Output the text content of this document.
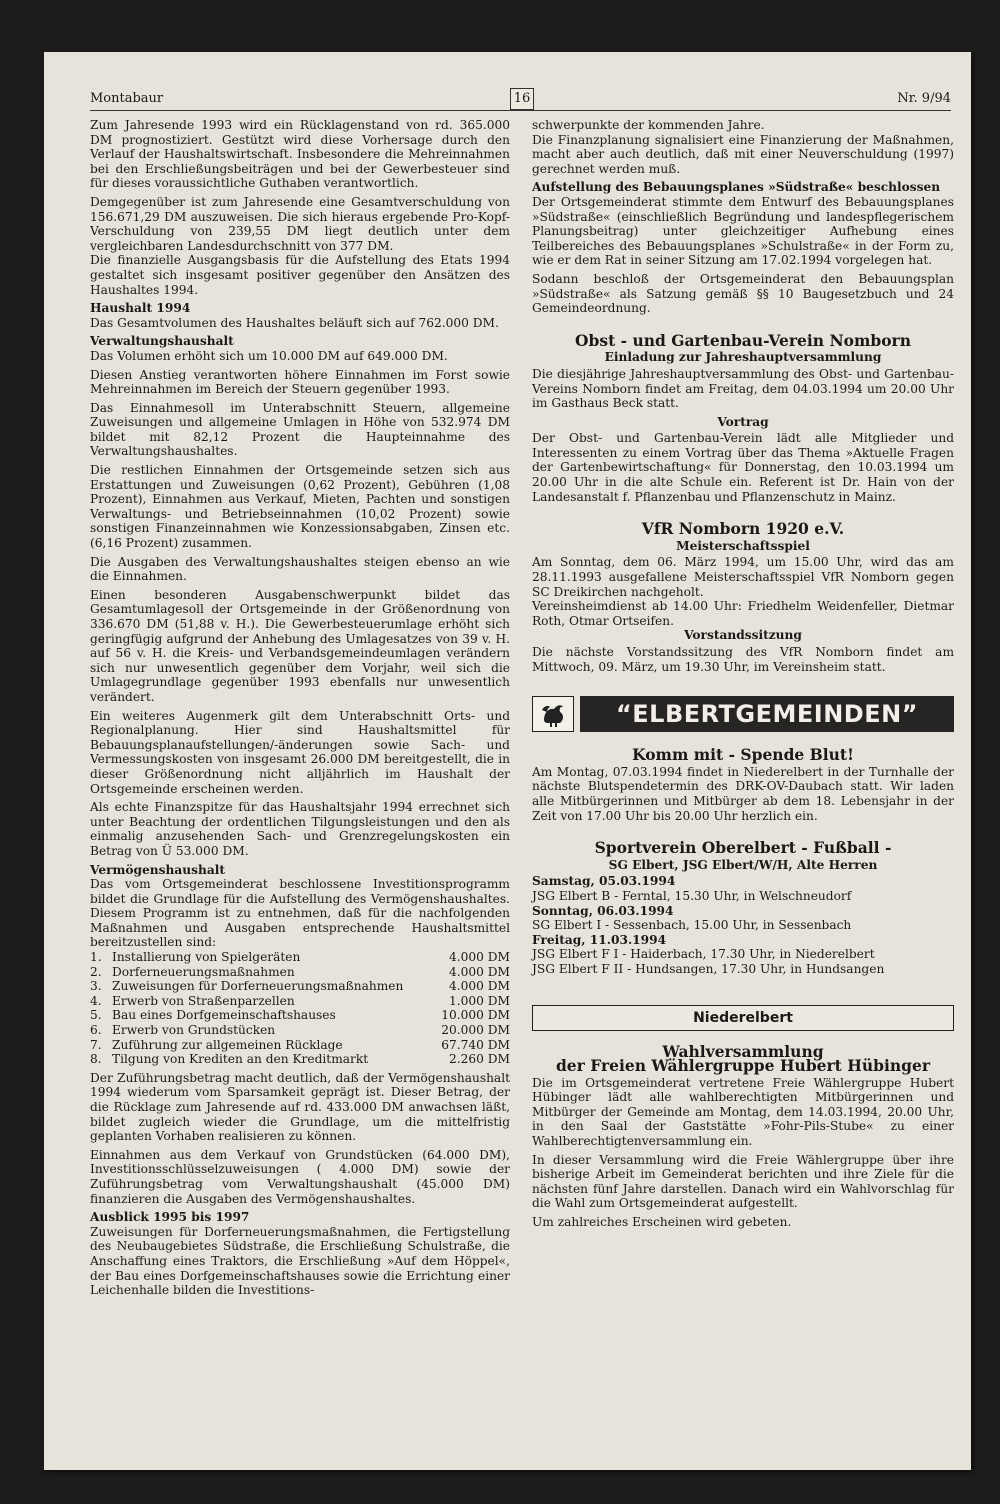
Montabaur	16	Nr. 9/94

Zum Jahresende 1993 wird ein Rücklagenstand von rd. 365.000 DM prognostiziert. Gestützt wird diese Vorhersage durch den Verlauf der Haushaltswirtschaft. Insbesondere die Mehreinnahmen bei den Erschließungsbeiträgen und bei der Gewerbesteuer sind für dieses voraussichtliche Guthaben verantwortlich.

Demgegenüber ist zum Jahresende eine Gesamtverschuldung von 156.671,29 DM auszuweisen. Die sich hieraus ergebende Pro-Kopf-Verschuldung von 239,55 DM liegt deutlich unter dem vergleichbaren Landesdurchschnitt von 377 DM.

Die finanzielle Ausgangsbasis für die Aufstellung des Etats 1994 gestaltet sich insgesamt positiver gegenüber den Ansätzen des Haushaltes 1994.

Haushalt 1994

Das Gesamtvolumen des Haushaltes beläuft sich auf 762.000 DM.

Verwaltungshaushalt

Das Volumen erhöht sich um 10.000 DM auf 649.000 DM.

Diesen Anstieg verantworten höhere Einnahmen im Forst sowie Mehreinnahmen im Bereich der Steuern gegenüber 1993.

Das Einnahmesoll im Unterabschnitt Steuern, allgemeine Zuweisungen und allgemeine Umlagen in Höhe von 532.974 DM bildet mit 82,12 Prozent die Haupteinnahme des Verwaltungshaushaltes.

Die restlichen Einnahmen der Ortsgemeinde setzen sich aus Erstattungen und Zuweisungen (0,62 Prozent), Gebühren (1,08 Prozent), Einnahmen aus Verkauf, Mieten, Pachten und sonstigen Verwaltungs- und Betriebseinnahmen (10,02 Prozent) sowie sonstigen Finanzeinnahmen wie Konzessionsabgaben, Zinsen etc. (6,16 Prozent) zusammen.

Die Ausgaben des Verwaltungshaushaltes steigen ebenso an wie die Einnahmen.

Einen besonderen Ausgabenschwerpunkt bildet das Gesamtumlagesoll der Ortsgemeinde in der Größenordnung von 336.670 DM (51,88 v. H.). Die Gewerbesteuerumlage erhöht sich geringfügig aufgrund der Anhebung des Umlagesatzes von 39 v. H. auf 56 v. H. die Kreis- und Verbandsgemeindeumlagen verändern sich nur unwesentlich gegenüber dem Vorjahr, weil sich die Umlagegrundlage gegenüber 1993 ebenfalls nur unwesentlich verändert.

Ein weiteres Augenmerk gilt dem Unterabschnitt Orts- und Regionalplanung. Hier sind Haushaltsmittel für Bebauungsplanaufstellungen/-änderungen sowie Sach- und Vermessungskosten von insgesamt 26.000 DM bereitgestellt, die in dieser Größenordnung nicht alljährlich im Haushalt der Ortsgemeinde erscheinen werden.

Als echte Finanzspitze für das Haushaltsjahr 1994 errechnet sich unter Beachtung der ordentlichen Tilgungsleistungen und den als einmalig anzusehenden Sach- und Grenzregelungskosten ein Betrag von Ü 53.000 DM.

Vermögenshaushalt

Das vom Ortsgemeinderat beschlossene Investitionsprogramm bildet die Grundlage für die Aufstellung des Vermögenshaushaltes. Diesem Programm ist zu entnehmen, daß für die nachfolgenden Maßnahmen und Ausgaben entsprechende Haushaltsmittel bereitzustellen sind:

1. Installierung von Spielgeräten	4.000 DM
2. Dorferneuerungsmaßnahmen	4.000 DM
3. Zuweisungen für Dorferneuerungsmaßnahmen	4.000 DM
4. Erwerb von Straßenparzellen	1.000 DM
5. Bau eines Dorfgemeinschaftshauses	10.000 DM
6. Erwerb von Grundstücken	20.000 DM
7. Zuführung zur allgemeinen Rücklage	67.740 DM
8. Tilgung von Krediten an den Kreditmarkt	2.260 DM

Der Zuführungsbetrag macht deutlich, daß der Vermögenshaushalt 1994 wiederum vom Sparsamkeit geprägt ist. Dieser Betrag, der die Rücklage zum Jahresende auf rd. 433.000 DM anwachsen läßt, bildet zugleich wieder die Grundlage, um die mittelfristig geplanten Vorhaben realisieren zu können.

Einnahmen aus dem Verkauf von Grundstücken (64.000 DM), Investitionsschlüsselzuweisungen ( 4.000 DM) sowie der Zuführungsbetrag vom Verwaltungshaushalt (45.000 DM) finanzieren die Ausgaben des Vermögenshaushaltes.

Ausblick 1995 bis 1997

Zuweisungen für Dorferneuerungsmaßnahmen, die Fertigstellung des Neubaugebietes Südstraße, die Erschließung Schulstraße, die Anschaffung eines Traktors, die Erschließung »Auf dem Höppel«, der Bau eines Dorfgemeinschaftshauses sowie die Errichtung einer Leichenhalle bilden die Investitions-

schwerpunkte der kommenden Jahre.

Die Finanzplanung signalisiert eine Finanzierung der Maßnahmen, macht aber auch deutlich, daß mit einer Neuverschuldung (1997) gerechnet werden muß.

Aufstellung des Bebauungsplanes »Südstraße« beschlossen

Der Ortsgemeinderat stimmte dem Entwurf des Bebauungsplanes »Südstraße« (einschließlich Begründung und landespflegerischem Planungsbeitrag) unter gleichzeitiger Aufhebung eines Teilbereiches des Bebauungsplanes »Schulstraße« in der Form zu, wie er dem Rat in seiner Sitzung am 17.02.1994 vorgelegen hat.

Sodann beschloß der Ortsgemeinderat den Bebauungsplan »Südstraße« als Satzung gemäß §§ 10 Baugesetzbuch und 24 Gemeindeordnung.

Obst - und Gartenbau-Verein Nomborn
Einladung zur Jahreshauptversammlung

Die diesjährige Jahreshauptversammlung des Obst- und Gartenbau-Vereins Nomborn findet am Freitag, dem 04.03.1994 um 20.00 Uhr im Gasthaus Beck statt.

Vortrag

Der Obst- und Gartenbau-Verein lädt alle Mitglieder und Interessenten zu einem Vortrag über das Thema »Aktuelle Fragen der Gartenbewirtschaftung« für Donnerstag, den 10.03.1994 um 20.00 Uhr in die alte Schule ein. Referent ist Dr. Hain von der Landesanstalt f. Pflanzenbau und Pflanzenschutz in Mainz.

VfR Nomborn 1920 e.V.
Meisterschaftsspiel

Am Sonntag, dem 06. März 1994, um 15.00 Uhr, wird das am 28.11.1993 ausgefallene Meisterschaftsspiel VfR Nomborn gegen SC Dreikirchen nachgeholt.

Vereinsheimdienst ab 14.00 Uhr: Friedhelm Weidenfeller, Dietmar Roth, Otmar Ortseifen.

Vorstandssitzung

Die nächste Vorstandssitzung des VfR Nomborn findet am Mittwoch, 09. März, um 19.30 Uhr, im Vereinsheim statt.

“ELBERTGEMEINDEN”
Komm mit - Spende Blut!

Am Montag, 07.03.1994 findet in Niederelbert in der Turnhalle der nächste Blutspendetermin des DRK-OV-Daubach statt. Wir laden alle Mitbürgerinnen und Mitbürger ab dem 18. Lebensjahr in der Zeit von 17.00 Uhr bis 20.00 Uhr herzlich ein.

Sportverein Oberelbert - Fußball -
SG Elbert, JSG Elbert/W/H, Alte Herren
Samstag, 05.03.1994
JSG Elbert B - Ferntal, 15.30 Uhr, in Welschneudorf
Sonntag, 06.03.1994
SG Elbert I - Sessenbach, 15.00 Uhr, in Sessenbach
Freitag, 11.03.1994
JSG Elbert F I - Haiderbach, 17.30 Uhr, in Niederelbert
JSG Elbert F II - Hundsangen, 17.30 Uhr, in Hundsangen
Niederelbert
Wahlversammlung
der Freien Wählergruppe Hubert Hübinger

Die im Ortsgemeinderat vertretene Freie Wählergruppe Hubert Hübinger lädt alle wahlberechtigten Mitbürgerinnen und Mitbürger der Gemeinde am Montag, dem 14.03.1994, 20.00 Uhr, in den Saal der Gaststätte »Fohr-Pils-Stube« zu einer Wahlberechtigtenversammlung ein.

In dieser Versammlung wird die Freie Wählergruppe über ihre bisherige Arbeit im Gemeinderat berichten und ihre Ziele für die nächsten fünf Jahre darstellen. Danach wird ein Wahlvorschlag für die Wahl zum Ortsgemeinderat aufgestellt.

Um zahlreiches Erscheinen wird gebeten.
